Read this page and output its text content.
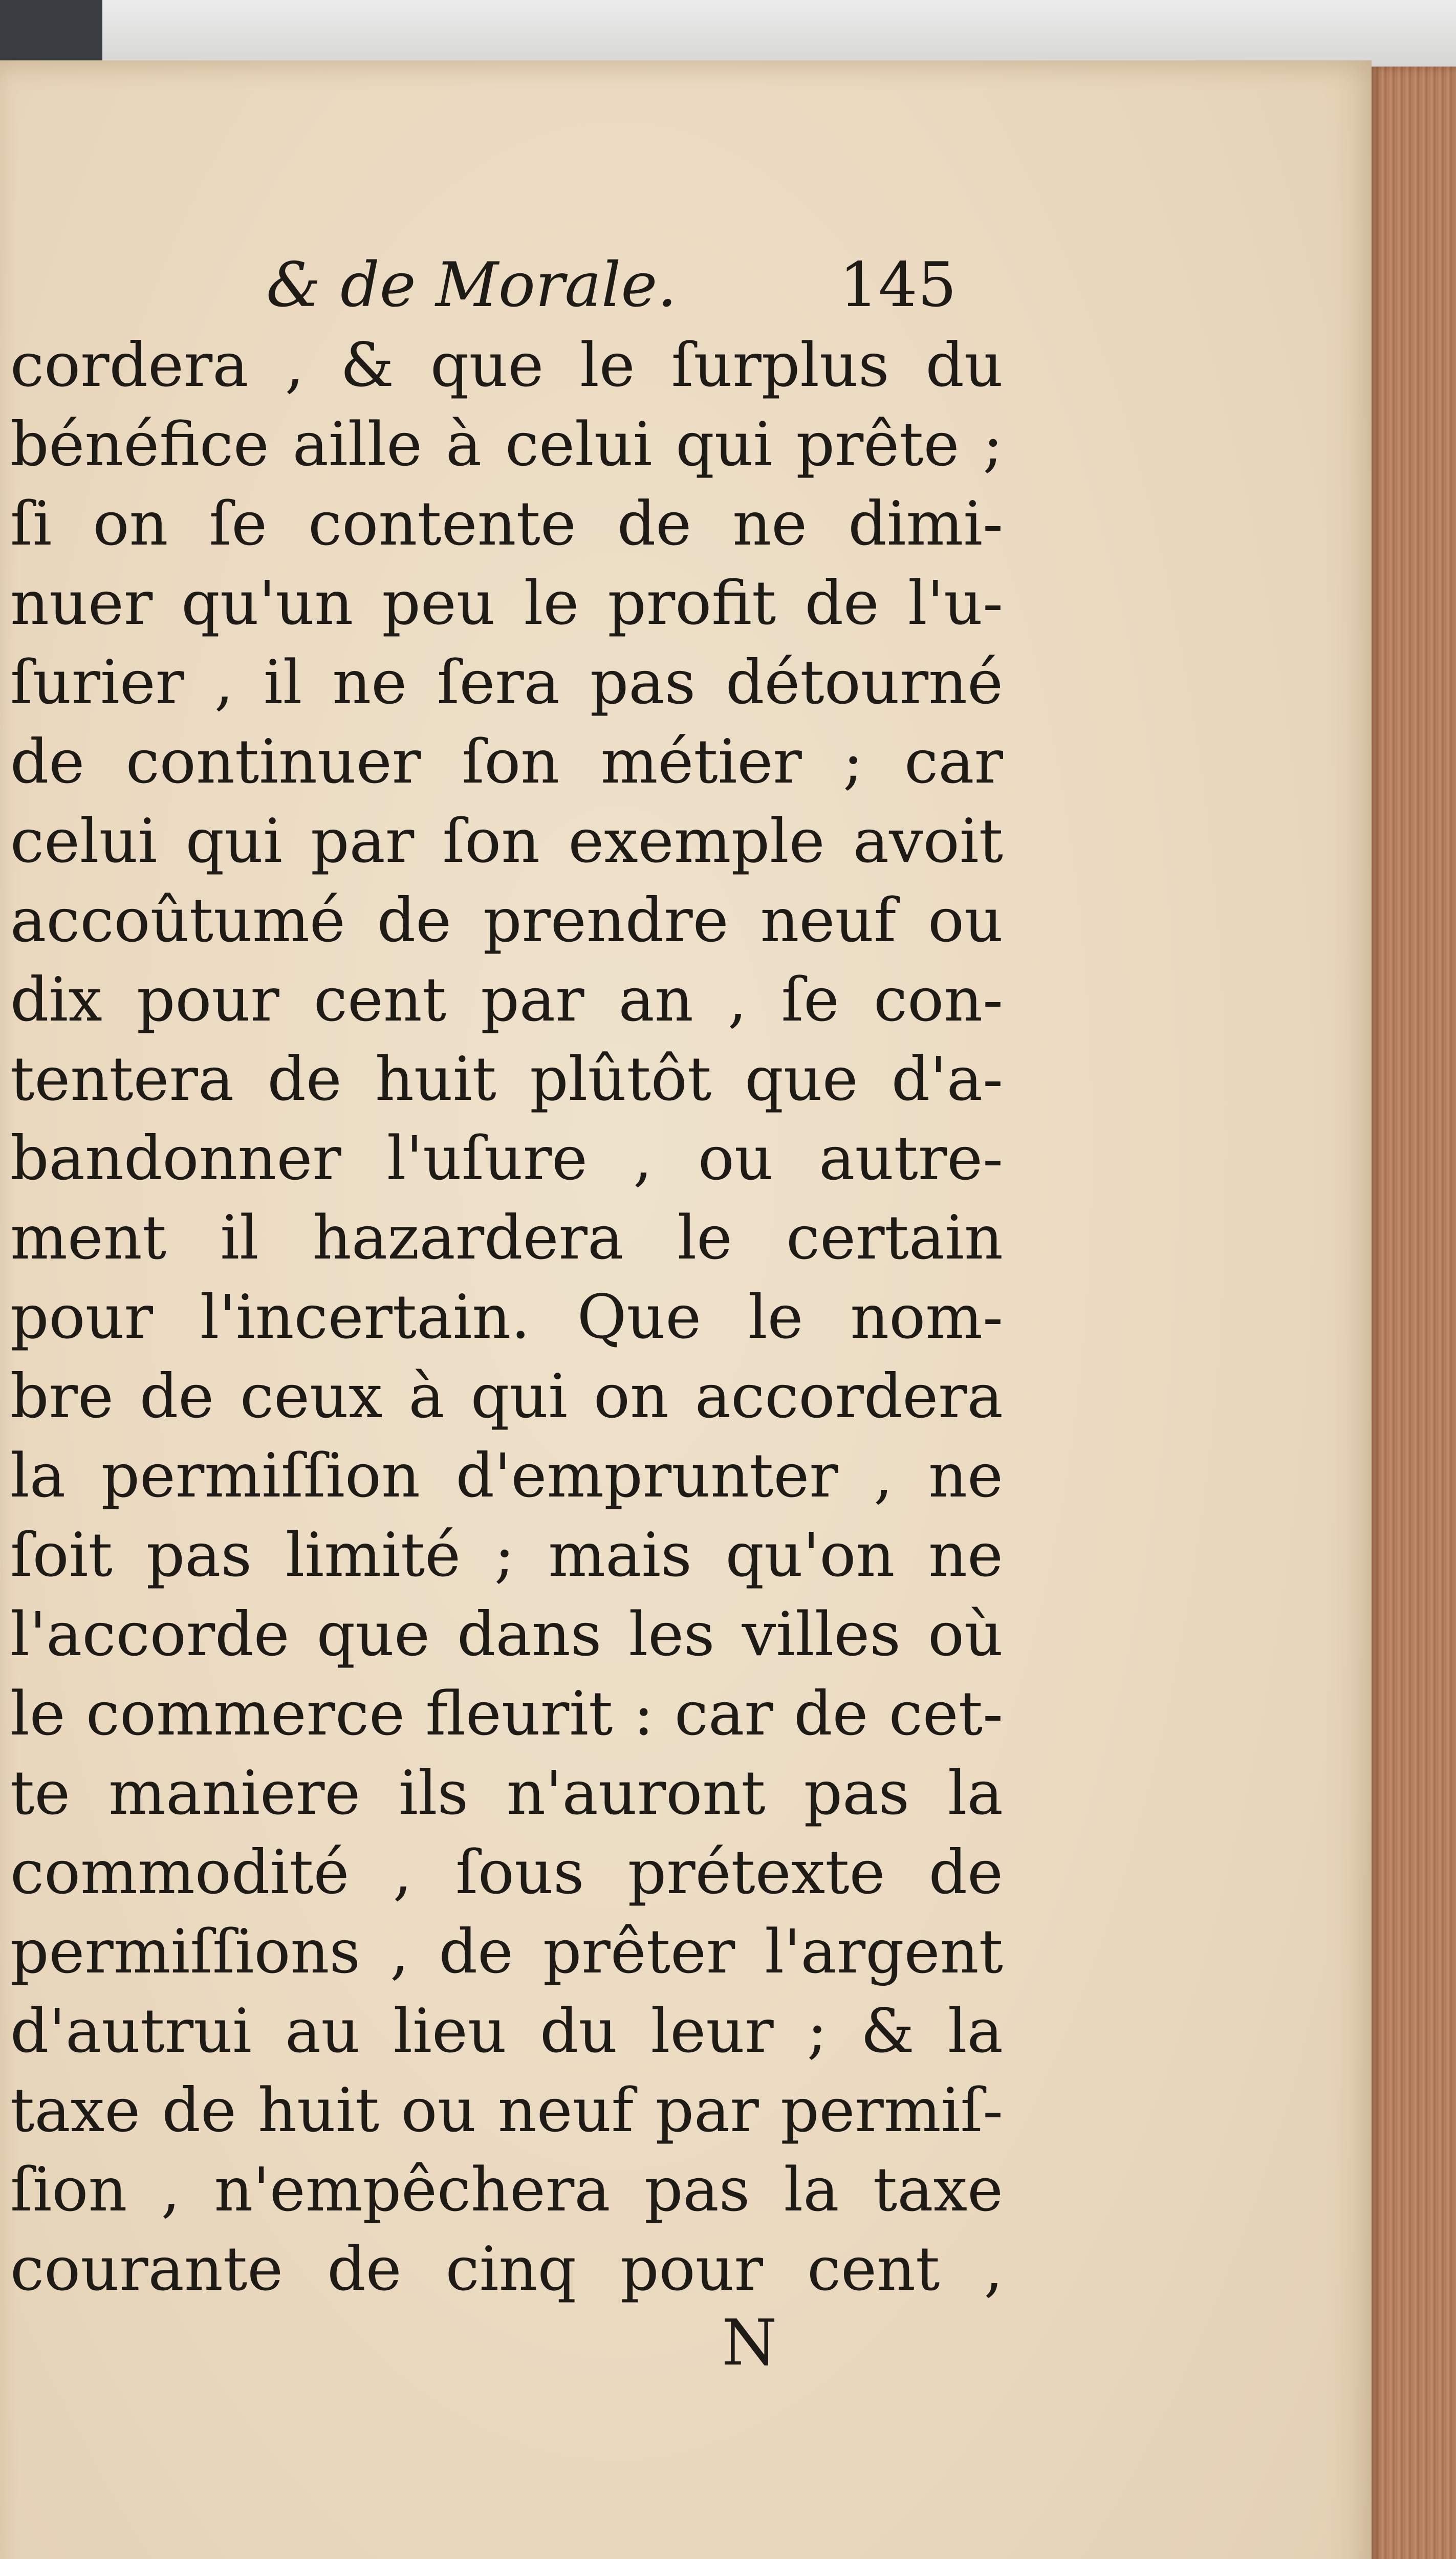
& de Morale.	145
cordera , & que le ſurplus du
bénéfice aille à celui qui prête ;
ſi on ſe contente de ne dimi-
nuer qu'un peu le profit de l'u-
ſurier , il ne ſera pas détourné
de continuer ſon métier ; car
celui qui par ſon exemple avoit
accoûtumé de prendre neuf ou
dix pour cent par an , ſe con-
tentera de huit plûtôt que d'a-
bandonner l'uſure , ou autre-
ment il hazardera le certain
pour l'incertain. Que le nom-
bre de ceux à qui on accordera
la permiſſion d'emprunter , ne
ſoit pas limité ; mais qu'on ne
l'accorde que dans les villes où
le commerce fleurit : car de cet-
te maniere ils n'auront pas la
commodité , ſous prétexte de
permiſſions , de prêter l'argent
d'autrui au lieu du leur ; & la
taxe de huit ou neuf par permiſ-
ſion , n'empêchera pas la taxe
courante de cinq pour cent ,
N
